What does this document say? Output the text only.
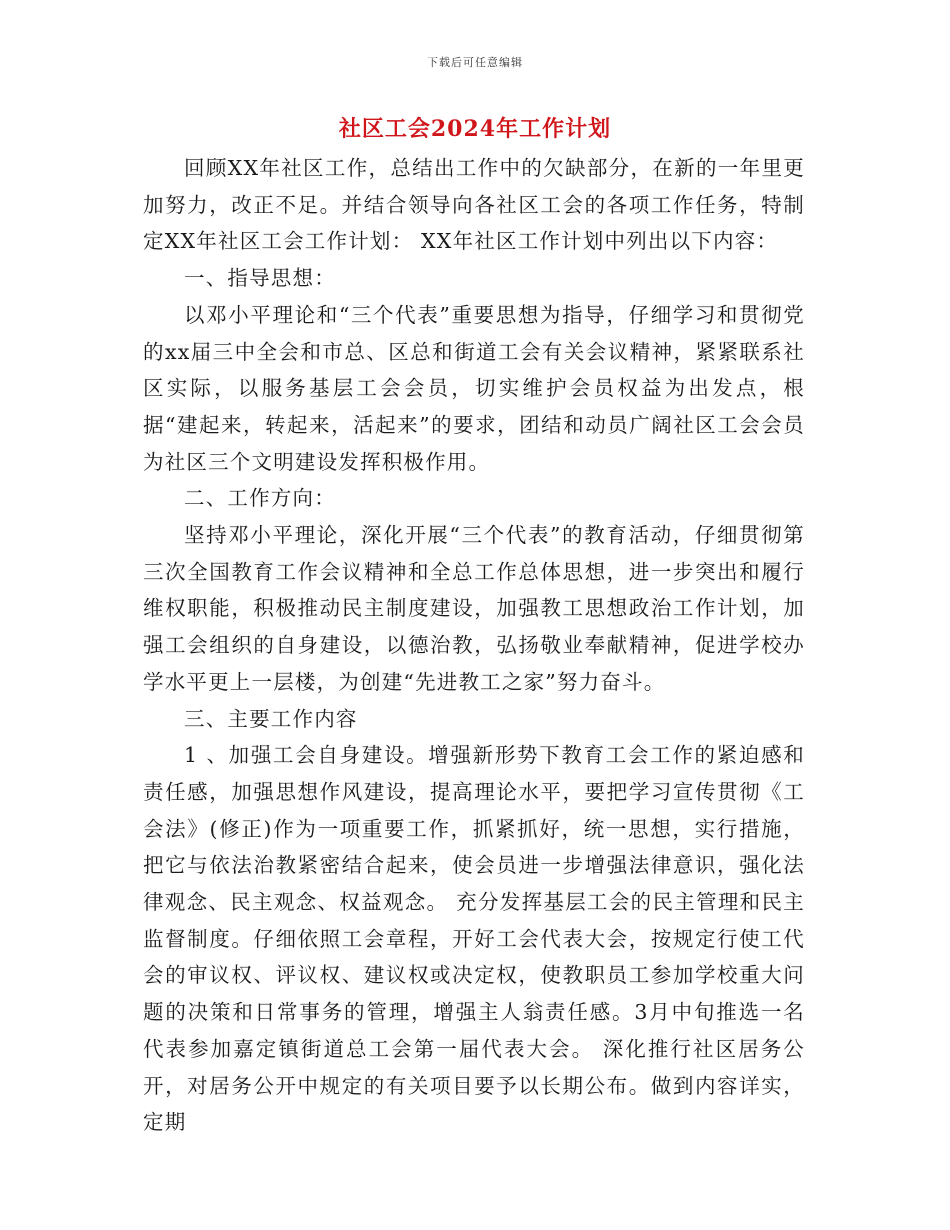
下载后可任意编辑
社区工会2024年工作计划

回顾XX年社区工作，总结出工作中的欠缺部分，在新的一年里更加努力，改正不足。并结合领导向各社区工会的各项工作任务，特制定XX年社区工会工作计划： XX年社区工作计划中列出以下内容：

一、指导思想：

以邓小平理论和“三个代表”重要思想为指导，仔细学习和贯彻党的xx届三中全会和市总、区总和街道工会有关会议精神，紧紧联系社区实际，以服务基层工会会员，切实维护会员权益为出发点，根据“建起来，转起来，活起来”的要求，团结和动员广阔社区工会会员为社区三个文明建设发挥积极作用。

二、工作方向：

坚持邓小平理论，深化开展“三个代表”的教育活动，仔细贯彻第三次全国教育工作会议精神和全总工作总体思想，进一步突出和履行维权职能，积极推动民主制度建设，加强教工思想政治工作计划，加强工会组织的自身建设，以德治教，弘扬敬业奉献精神，促进学校办学水平更上一层楼，为创建“先进教工之家”努力奋斗。

三、主要工作内容

1 、加强工会自身建设。增强新形势下教育工会工作的紧迫感和责任感，加强思想作风建设，提高理论水平，要把学习宣传贯彻《工会法》(修正)作为一项重要工作，抓紧抓好，统一思想，实行措施，把它与依法治教紧密结合起来，使会员进一步增强法律意识，强化法律观念、民主观念、权益观念。 充分发挥基层工会的民主管理和民主监督制度。仔细依照工会章程，开好工会代表大会，按规定行使工代会的审议权、评议权、建议权或决定权，使教职员工参加学校重大问题的决策和日常事务的管理，增强主人翁责任感。3月中旬推选一名代表参加嘉定镇街道总工会第一届代表大会。 深化推行社区居务公开，对居务公开中规定的有关项目要予以长期公布。做到内容详实，定期
